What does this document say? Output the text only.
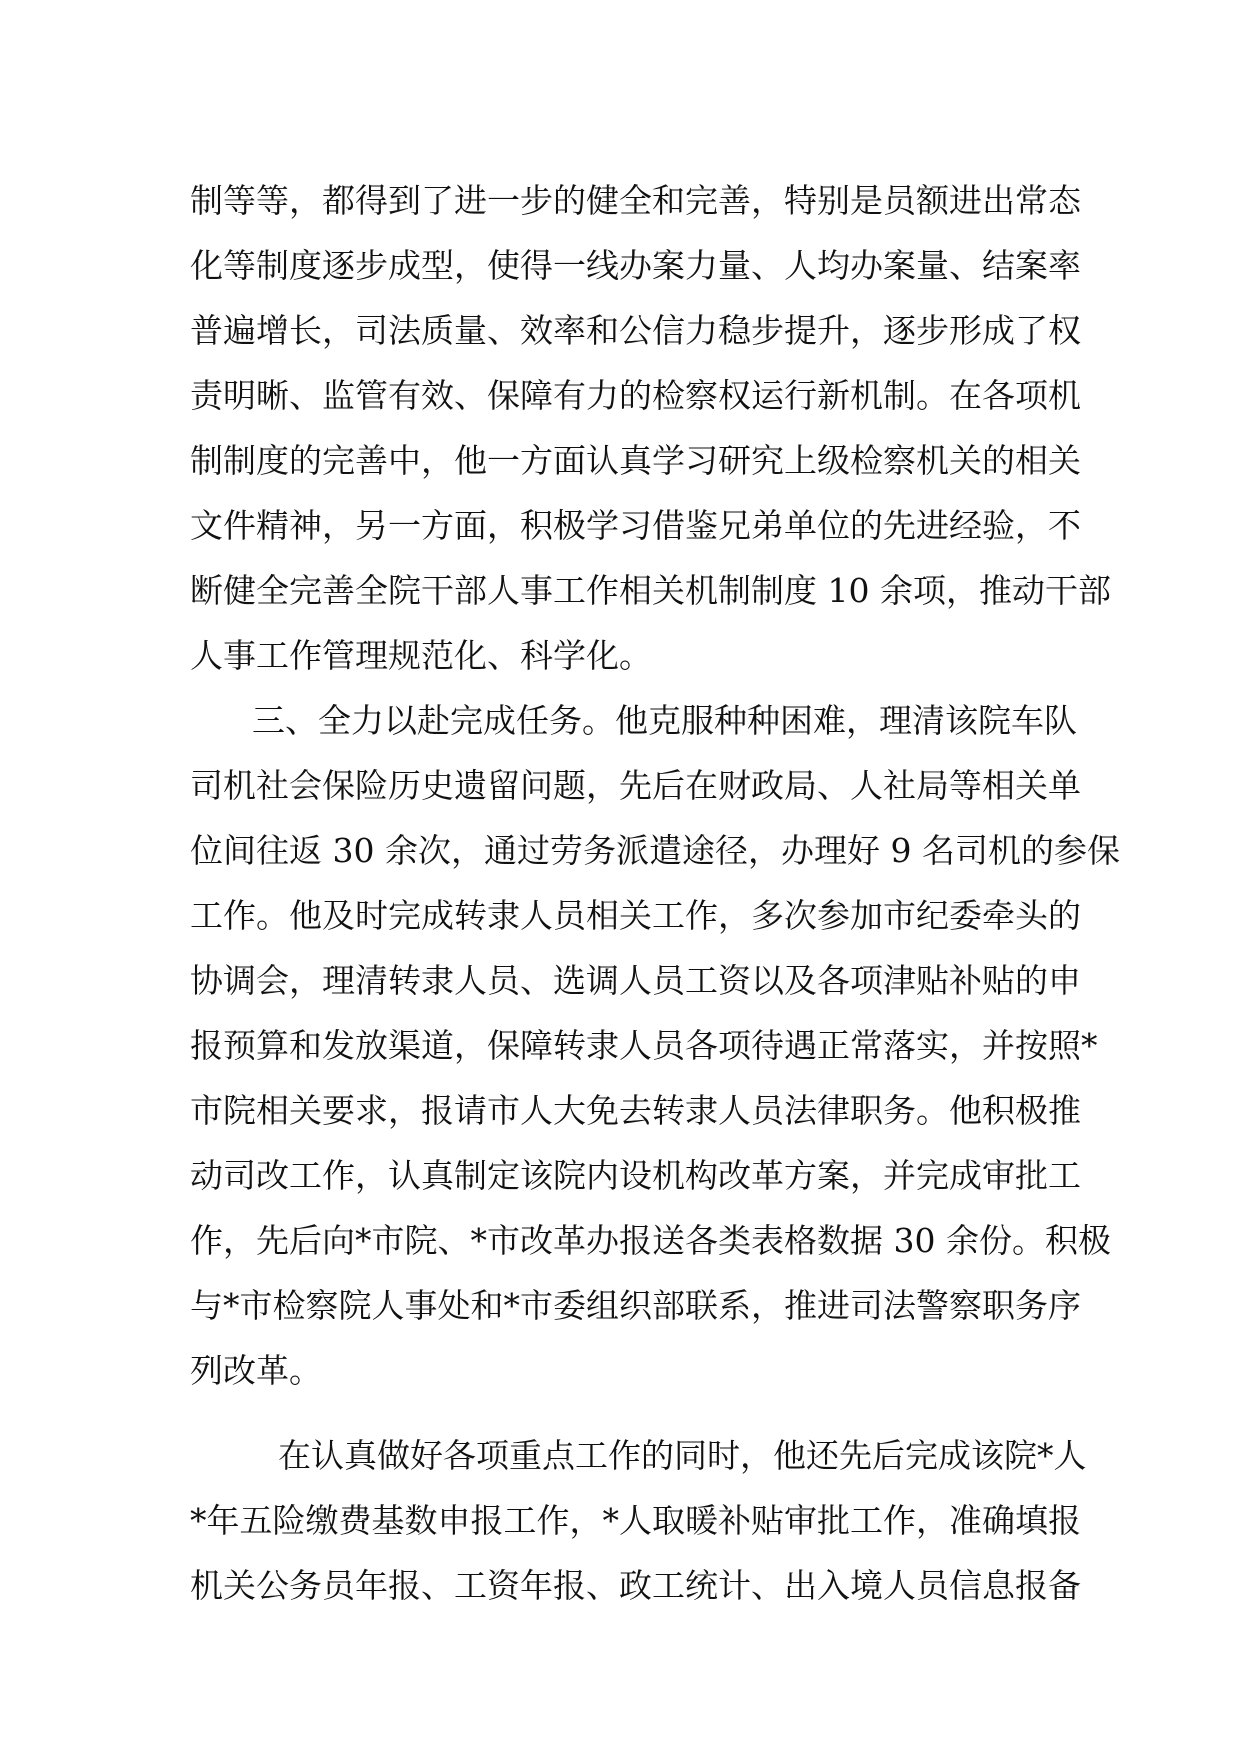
制等等，都得到了进一步的健全和完善，特别是员额进出常态
化等制度逐步成型，使得一线办案力量、人均办案量、结案率
普遍增长，司法质量、效率和公信力稳步提升，逐步形成了权
责明晰、监管有效、保障有力的检察权运行新机制。在各项机
制制度的完善中，他一方面认真学习研究上级检察机关的相关
文件精神，另一方面，积极学习借鉴兄弟单位的先进经验，不
断健全完善全院干部人事工作相关机制制度 10 余项，推动干部
人事工作管理规范化、科学化。
三、全力以赴完成任务。他克服种种困难，理清该院车队
司机社会保险历史遗留问题，先后在财政局、人社局等相关单
位间往返 30 余次，通过劳务派遣途径，办理好 9 名司机的参保
工作。他及时完成转隶人员相关工作，多次参加市纪委牵头的
协调会，理清转隶人员、选调人员工资以及各项津贴补贴的申
报预算和发放渠道，保障转隶人员各项待遇正常落实，并按照*
市院相关要求，报请市人大免去转隶人员法律职务。他积极推
动司改工作，认真制定该院内设机构改革方案，并完成审批工
作，先后向*市院、*市改革办报送各类表格数据 30 余份。积极
与*市检察院人事处和*市委组织部联系，推进司法警察职务序
列改革。
在认真做好各项重点工作的同时，他还先后完成该院*人
*年五险缴费基数申报工作，*人取暖补贴审批工作，准确填报
机关公务员年报、工资年报、政工统计、出入境人员信息报备
